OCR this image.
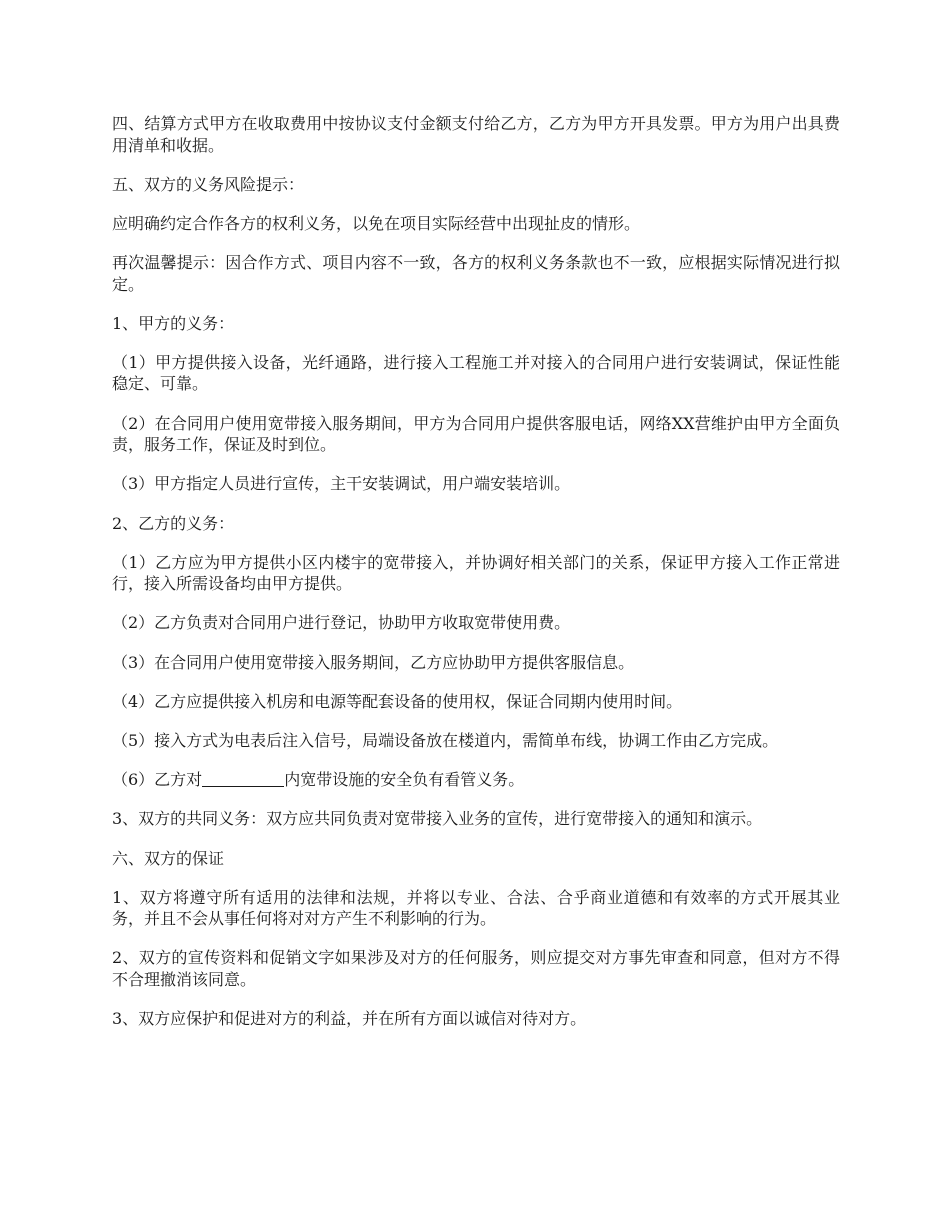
四、结算方式甲方在收取费用中按协议支付金额支付给乙方，乙方为甲方开具发票。甲方为用户出具费用清单和收据。

五、双方的义务风险提示：

应明确约定合作各方的权利义务，以免在项目实际经营中出现扯皮的情形。

再次温馨提示：因合作方式、项目内容不一致，各方的权利义务条款也不一致，应根据实际情况进行拟定。

1、甲方的义务：

（1）甲方提供接入设备，光纤通路，进行接入工程施工并对接入的合同用户进行安装调试，保证性能稳定、可靠。

（2）在合同用户使用宽带接入服务期间，甲方为合同用户提供客服电话，网络XX营维护由甲方全面负责，服务工作，保证及时到位。

（3）甲方指定人员进行宣传，主干安装调试，用户端安装培训。

2、乙方的义务：

（1）乙方应为甲方提供小区内楼宇的宽带接入，并协调好相关部门的关系，保证甲方接入工作正常进行，接入所需设备均由甲方提供。

（2）乙方负责对合同用户进行登记，协助甲方收取宽带使用费。

（3）在合同用户使用宽带接入服务期间，乙方应协助甲方提供客服信息。

（4）乙方应提供接入机房和电源等配套设备的使用权，保证合同期内使用时间。

（5）接入方式为电表后注入信号，局端设备放在楼道内，需简单布线，协调工作由乙方完成。

（6）乙方对	内宽带设施的安全负有看管义务。

3、双方的共同义务：双方应共同负责对宽带接入业务的宣传，进行宽带接入的通知和演示。

六、双方的保证

1、双方将遵守所有适用的法律和法规，并将以专业、合法、合乎商业道德和有效率的方式开展其业务，并且不会从事任何将对对方产生不利影响的行为。

2、双方的宣传资料和促销文字如果涉及对方的任何服务，则应提交对方事先审查和同意，但对方不得不合理撤消该同意。

3、双方应保护和促进对方的利益，并在所有方面以诚信对待对方。
